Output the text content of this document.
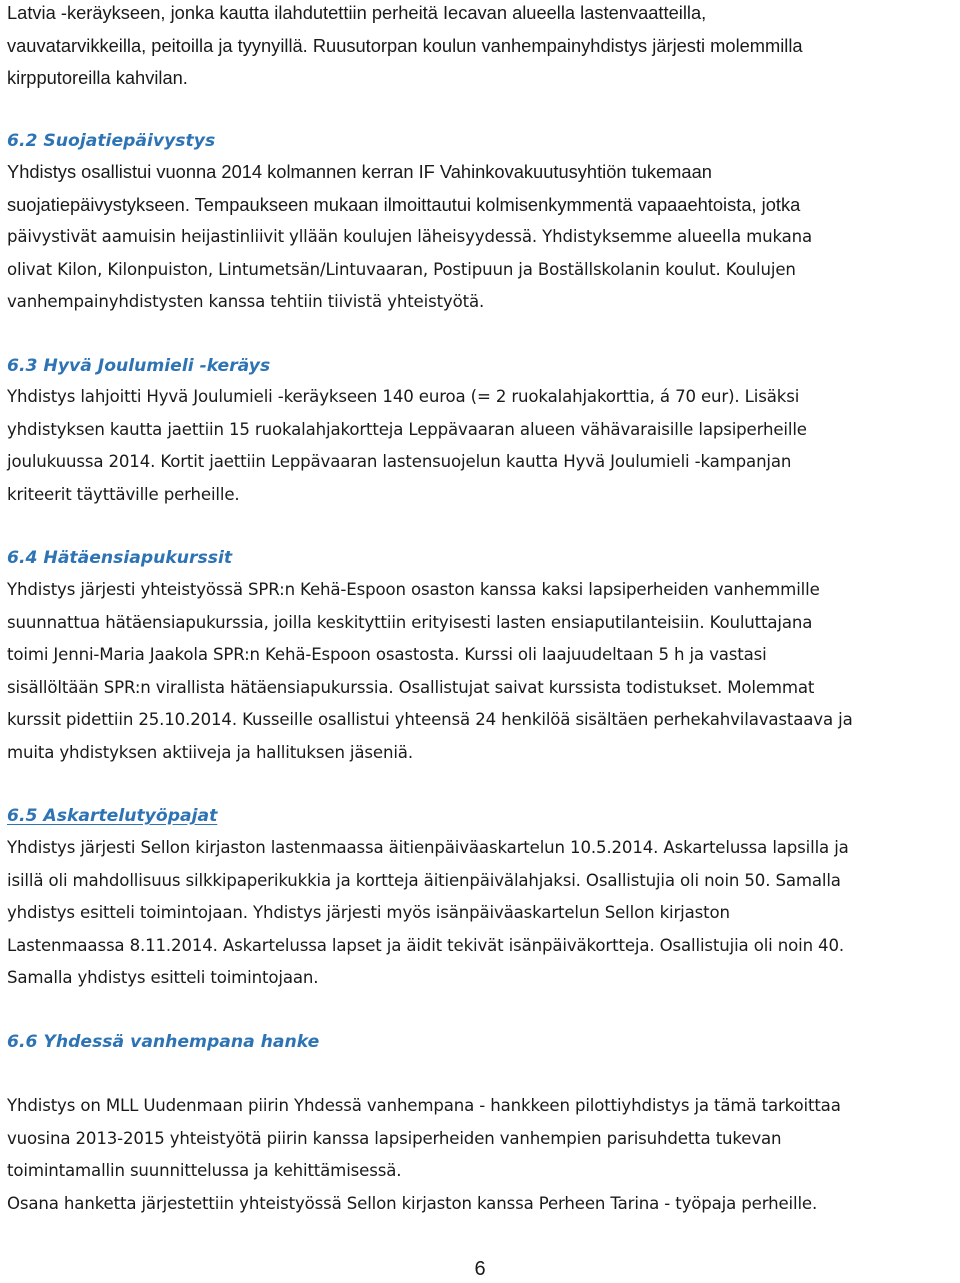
Latvia -keräykseen, jonka kautta ilahdutettiin perheitä Iecavan alueella lastenvaatteilla,
vauvatarvikkeilla, peitoilla ja tyynyillä. Ruusutorpan koulun vanhempainyhdistys järjesti molemmilla
kirpputoreilla kahvilan.
6.2 Suojatiepäivystys
Yhdistys osallistui vuonna 2014 kolmannen kerran IF Vahinkovakuutusyhtiön tukemaan
suojatiepäivystykseen. Tempaukseen mukaan ilmoittautui kolmisenkymmentä vapaaehtoista, jotka
päivystivät aamuisin heijastinliivit yllään koulujen läheisyydessä. Yhdistyksemme alueella mukana
olivat Kilon, Kilonpuiston, Lintumetsän/Lintuvaaran, Postipuun ja Boställskolanin koulut. Koulujen
vanhempainyhdistysten kanssa tehtiin tiivistä yhteistyötä.
6.3 Hyvä Joulumieli -keräys
Yhdistys lahjoitti Hyvä Joulumieli -keräykseen 140 euroa (= 2 ruokalahjakorttia, á 70 eur). Lisäksi
yhdistyksen kautta jaettiin 15 ruokalahjakortteja Leppävaaran alueen vähävaraisille lapsiperheille
joulukuussa 2014. Kortit jaettiin Leppävaaran lastensuojelun kautta Hyvä Joulumieli -kampanjan
kriteerit täyttäville perheille.
6.4 Hätäensiapukurssit
Yhdistys järjesti yhteistyössä SPR:n Kehä-Espoon osaston kanssa kaksi lapsiperheiden vanhemmille
suunnattua hätäensiapukurssia, joilla keskityttiin erityisesti lasten ensiaputilanteisiin. Kouluttajana
toimi Jenni-Maria Jaakola SPR:n Kehä-Espoon osastosta. Kurssi oli laajuudeltaan 5 h ja vastasi
sisällöltään SPR:n virallista hätäensiapukurssia. Osallistujat saivat kurssista todistukset. Molemmat
kurssit pidettiin 25.10.2014. Kusseille osallistui yhteensä 24 henkilöä sisältäen perhekahvilavastaava ja
muita yhdistyksen aktiiveja ja hallituksen jäseniä.
6.5 Askartelutyöpajat
Yhdistys järjesti Sellon kirjaston lastenmaassa äitienpäiväaskartelun 10.5.2014. Askartelussa lapsilla ja
isillä oli mahdollisuus silkkipaperikukkia ja kortteja äitienpäivälahjaksi. Osallistujia oli noin 50. Samalla
yhdistys esitteli toimintojaan. Yhdistys järjesti myös isänpäiväaskartelun Sellon kirjaston
Lastenmaassa 8.11.2014. Askartelussa lapset ja äidit tekivät isänpäiväkortteja. Osallistujia oli noin 40.
Samalla yhdistys esitteli toimintojaan.
6.6 Yhdessä vanhempana hanke
Yhdistys on MLL Uudenmaan piirin Yhdessä vanhempana - hankkeen pilottiyhdistys ja tämä tarkoittaa
vuosina 2013-2015 yhteistyötä piirin kanssa lapsiperheiden vanhempien parisuhdetta tukevan
toimintamallin suunnittelussa ja kehittämisessä.
Osana hanketta järjestettiin yhteistyössä Sellon kirjaston kanssa Perheen Tarina - työpaja perheille.
6
